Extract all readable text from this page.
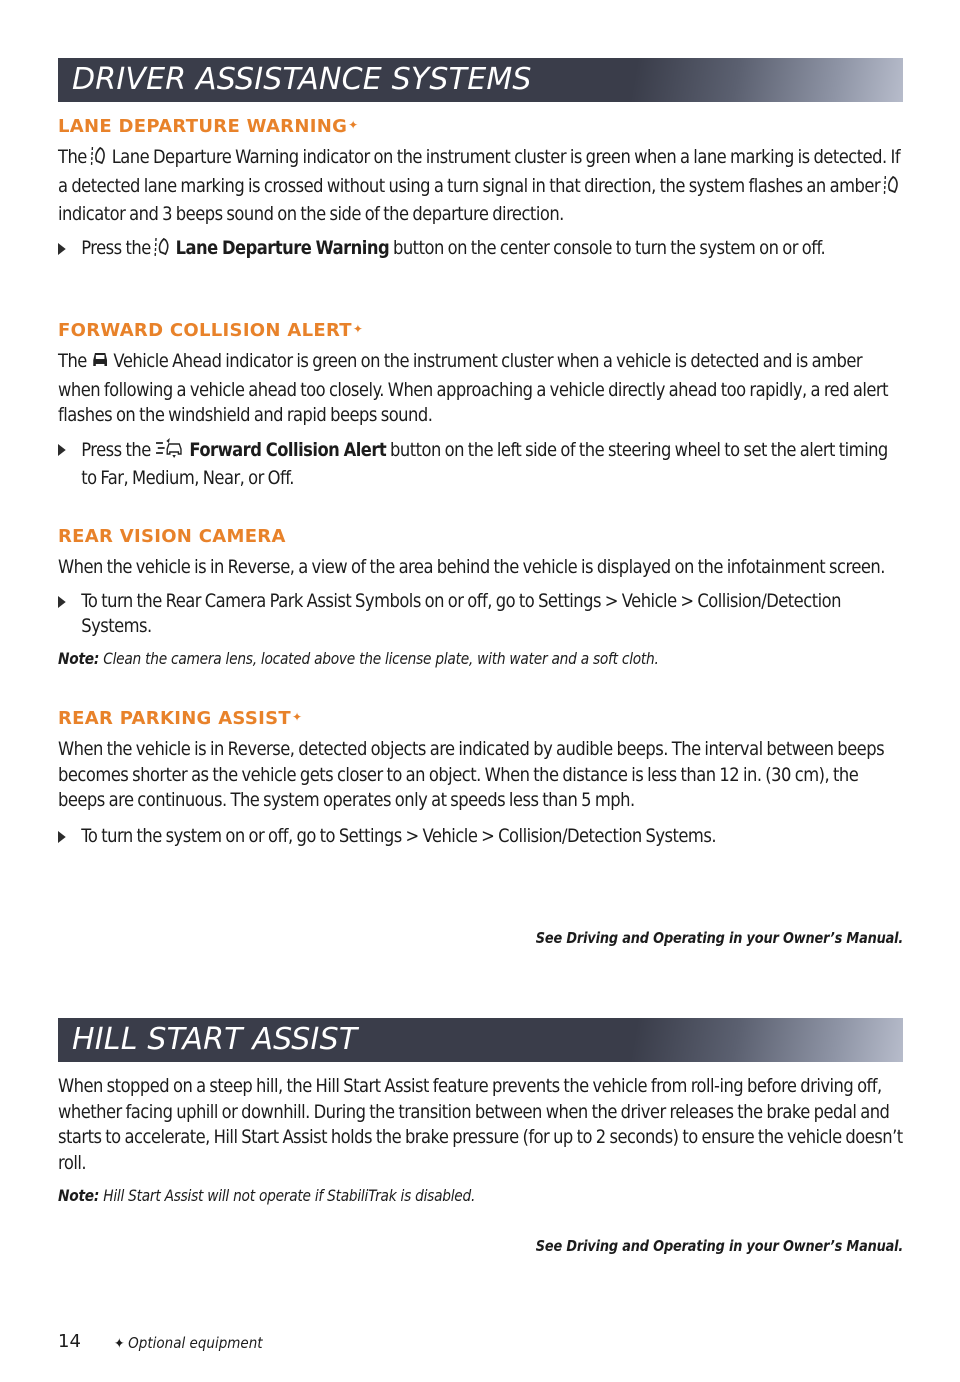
DRIVER ASSISTANCE SYSTEMS
LANE DEPARTURE WARNING✦
The Lane Departure Warning indicator on the instrument cluster is green when a lane marking is detected. If a detected lane marking is crossed without using a turn signal in that direction, the system flashes an amber  indicator and 3 beeps sound on the side of the departure direction.
Press the Lane Departure Warning button on the center console to turn the system on or off.
FORWARD COLLISION ALERT✦
The Vehicle Ahead indicator is green on the instrument cluster when a vehicle is detected and is amber when following a vehicle ahead too closely. When approaching a vehicle directly ahead too rapidly, a red alert flashes on the windshield and rapid beeps sound.
Press the Forward Collision Alert button on the left side of the steering wheel to set the alert timing to Far, Medium, Near, or Off.
REAR VISION CAMERA
When the vehicle is in Reverse, a view of the area behind the vehicle is displayed on the infotainment screen.
To turn the Rear Camera Park Assist Symbols on or off, go to Settings > Vehicle > Collision/Detection Systems.
Note: Clean the camera lens, located above the license plate, with water and a soft cloth.
REAR PARKING ASSIST✦
When the vehicle is in Reverse, detected objects are indicated by audible beeps. The interval between beeps becomes shorter as the vehicle gets closer to an object. When the distance is less than 12 in. (30 cm), the beeps are continuous. The system operates only at speeds less than 5 mph.
To turn the system on or off, go to Settings > Vehicle > Collision/Detection Systems.
See Driving and Operating in your Owner’s Manual.
HILL START ASSIST
When stopped on a steep hill, the Hill Start Assist feature prevents the vehicle from roll-ing before driving off, whether facing uphill or downhill. During the transition between when the driver releases the brake pedal and starts to accelerate, Hill Start Assist holds the brake pressure (for up to 2 seconds) to ensure the vehicle doesn’t roll.
Note: Hill Start Assist will not operate if StabiliTrak is disabled.
See Driving and Operating in your Owner’s Manual.
14 ✦ Optional equipment
